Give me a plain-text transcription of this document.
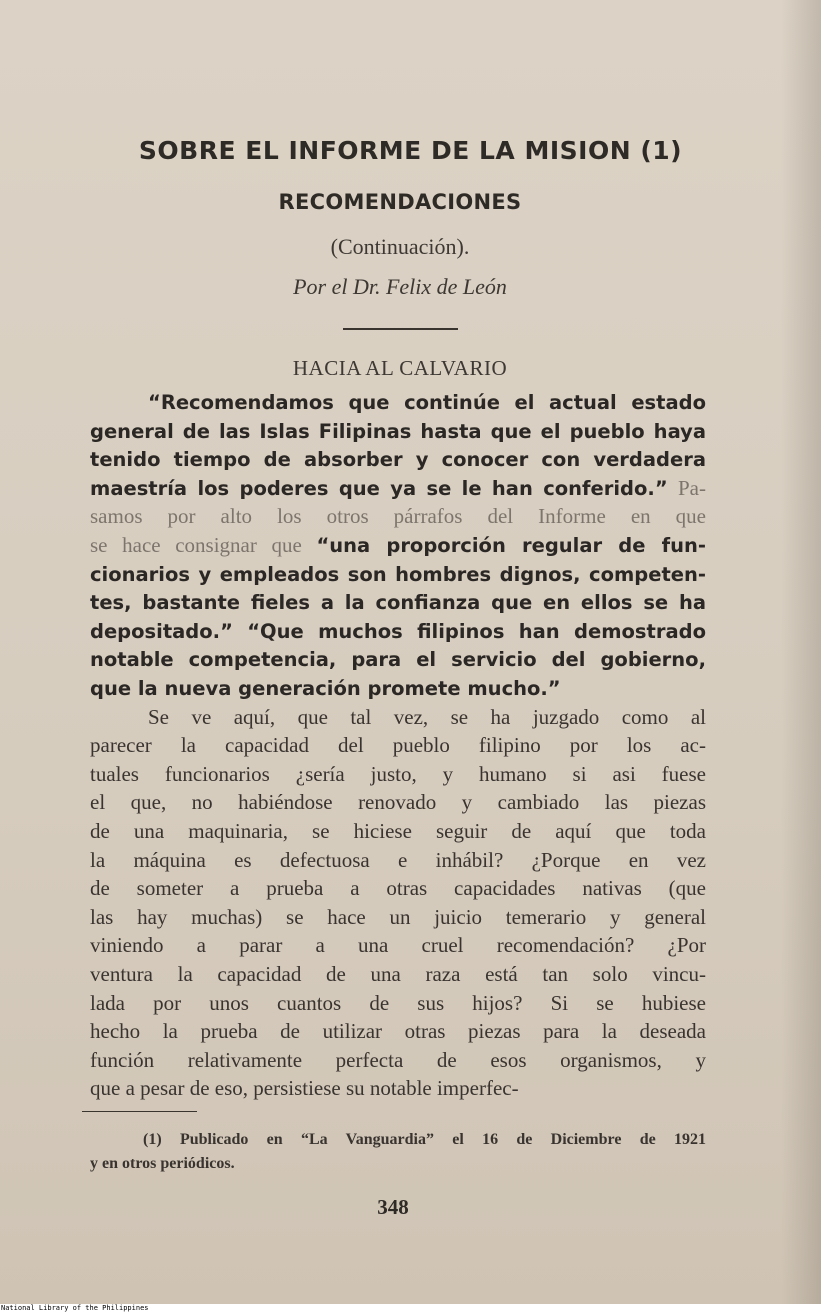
SOBRE EL INFORME DE LA MISION (1)
RECOMENDACIONES
(Continuación).
Por el Dr. Felix de León
HACIA AL CALVARIO
“Recomendamos que continúe el actual estado
general de las Islas Filipinas hasta que el pueblo haya
tenido tiempo de absorber y conocer con verdadera
maestría los poderes que ya se le han conferido.” Pa-
samos por alto los otros párrafos del Informe en que
se hace consignar que “una proporción regular de fun-
cionarios y empleados son hombres dignos, competen-
tes, bastante fieles a la confianza que en ellos se ha
depositado.” “Que muchos filipinos han demostrado
notable competencia, para el servicio del gobierno,
que la nueva generación promete mucho.”
Se ve aquí, que tal vez, se ha juzgado como al
parecer la capacidad del pueblo filipino por los ac-
tuales funcionarios ¿sería justo, y humano si asi fuese
el que, no habiéndose renovado y cambiado las piezas
de una maquinaria, se hiciese seguir de aquí que toda
la máquina es defectuosa e inhábil? ¿Porque en vez
de someter a prueba a otras capacidades nativas (que
las hay muchas) se hace un juicio temerario y general
viniendo a parar a una cruel recomendación? ¿Por
ventura la capacidad de una raza está tan solo vincu-
lada por unos cuantos de sus hijos? Si se hubiese
hecho la prueba de utilizar otras piezas para la deseada
función relativamente perfecta de esos organismos, y
que a pesar de eso, persistiese su notable imperfec-
(1) Publicado en “La Vanguardia” el 16 de Diciembre de 1921
y en otros periódicos.
348
National Library of the Philippines
